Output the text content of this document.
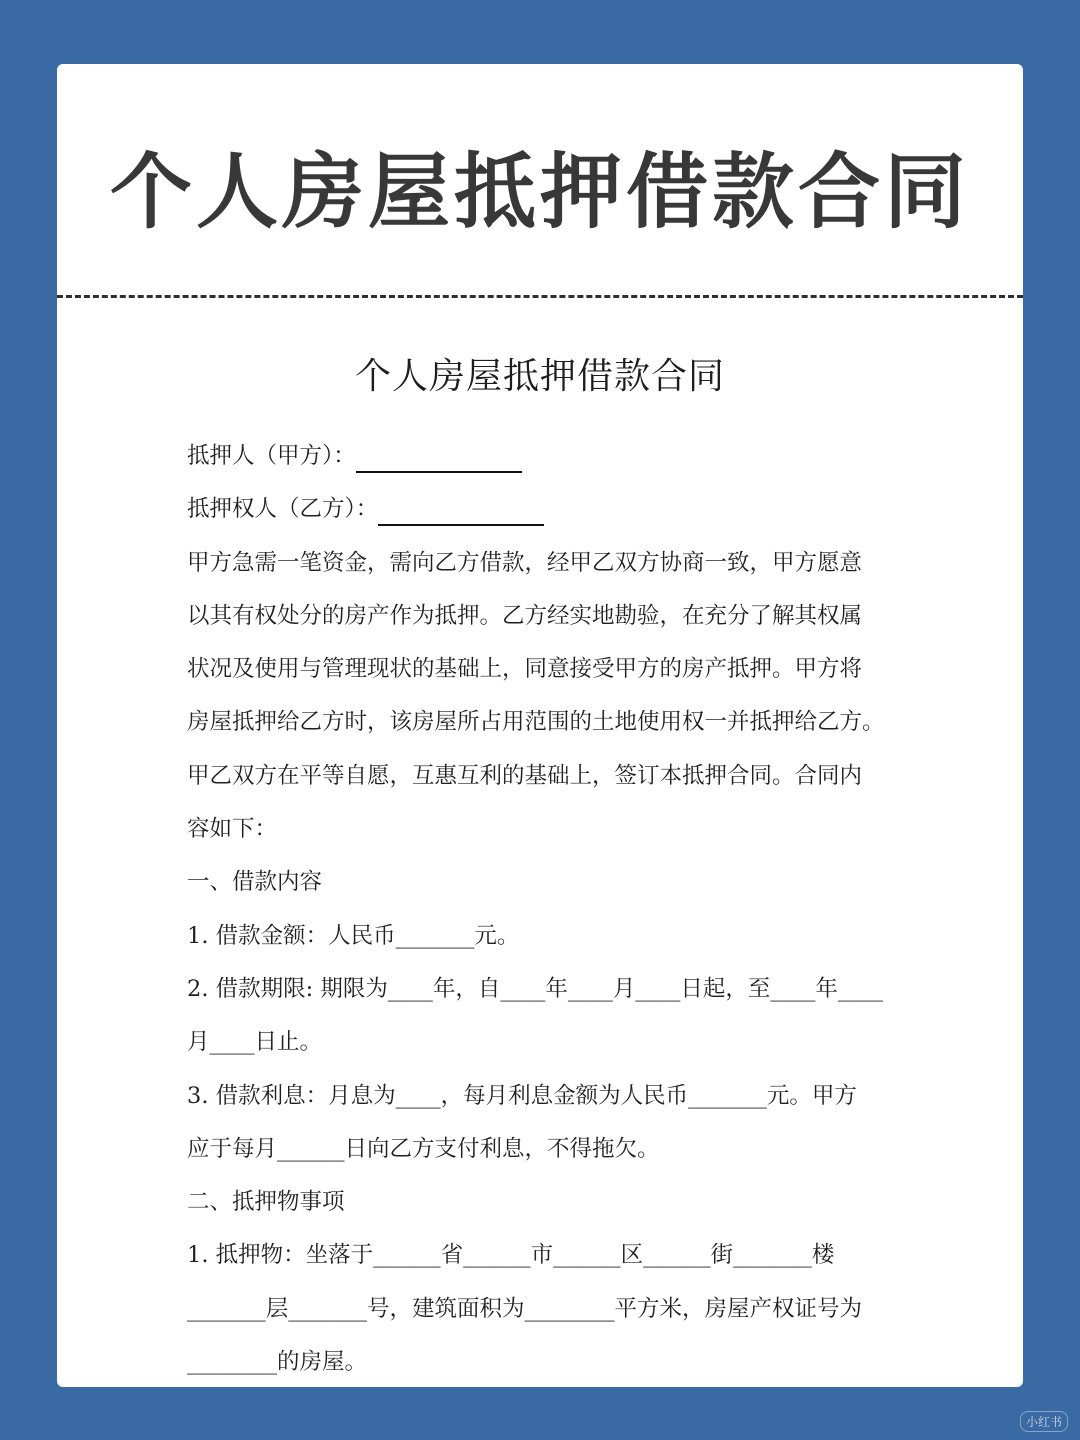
个人房屋抵押借款合同
个人房屋抵押借款合同
抵押人（甲方）：
抵押权人（乙方）：
甲方急需一笔资金，需向乙方借款，经甲乙双方协商一致，甲方愿意
以其有权处分的房产作为抵押。乙方经实地勘验，在充分了解其权属
状况及使用与管理现状的基础上，同意接受甲方的房产抵押。甲方将
房屋抵押给乙方时，该房屋所占用范围的土地使用权一并抵押给乙方。
甲乙双方在平等自愿，互惠互利的基础上，签订本抵押合同。合同内
容如下：
一、借款内容
1. 借款金额：人民币_______元。
2. 借款期限: 期限为____年，自____年____月____日起，至____年____
月____日止。
3. 借款利息：月息为____，每月利息金额为人民币_______元。甲方
应于每月______日向乙方支付利息，不得拖欠。
二、抵押物事项
1. 抵押物：坐落于______省______市______区______街_______楼
_______层_______号，建筑面积为________平方米，房屋产权证号为
________的房屋。
小红书
